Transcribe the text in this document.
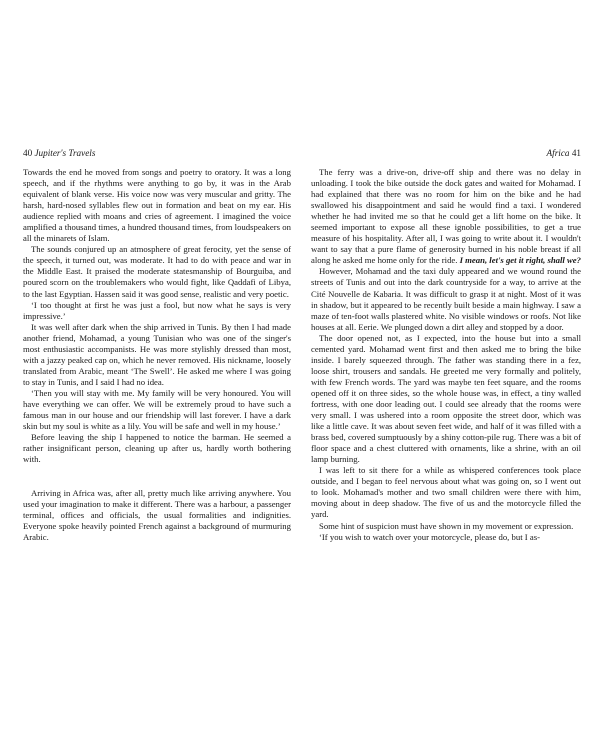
40 Jupiter's Travels

Towards the end he moved from songs and poetry to oratory. It was a long speech, and if the rhythms were anything to go by, it was in the Arab equivalent of blank verse. His voice now was very muscular and gritty. The harsh, hard-nosed syllables flew out in formation and beat on my ear. His audience replied with moans and cries of agreement. I imagined the voice amplified a thousand times, a hundred thousand times, from loudspeakers on all the minarets of Islam.

The sounds conjured up an atmosphere of great ferocity, yet the sense of the speech, it turned out, was moderate. It had to do with peace and war in the Middle East. It praised the moderate statesmanship of Bourguiba, and poured scorn on the troublemakers who would fight, like Qaddafi of Libya, to the last Egyptian. Hassen said it was good sense, realistic and very poetic.

‘I too thought at first he was just a fool, but now what he says is very impressive.’

It was well after dark when the ship arrived in Tunis. By then I had made another friend, Mohamad, a young Tunisian who was one of the singer's most enthusiastic accompanists. He was more stylishly dressed than most, with a jazzy peaked cap on, which he never removed. His nickname, loosely translated from Arabic, meant ‘The Swell’. He asked me where I was going to stay in Tunis, and I said I had no idea.

‘Then you will stay with me. My family will be very honoured. You will have everything we can offer. We will be extremely proud to have such a famous man in our house and our friendship will last forever. I have a dark skin but my soul is white as a lily. You will be safe and well in my house.’

Before leaving the ship I happened to notice the barman. He seemed a rather insignificant person, cleaning up after us, hardly worth bothering with.

Arriving in Africa was, after all, pretty much like arriving anywhere. You used your imagination to make it different. There was a harbour, a passenger terminal, offices and officials, the usual formalities and indignities. Everyone spoke heavily pointed French against a background of murmuring Arabic.

Africa 41

The ferry was a drive-on, drive-off ship and there was no delay in unloading. I took the bike outside the dock gates and waited for Mohamad. I had explained that there was no room for him on the bike and he had swallowed his disappointment and said he would find a taxi. I wondered whether he had invited me so that he could get a lift home on the bike. It seemed important to expose all these ignoble possibilities, to get a true measure of his hospitality. After all, I was going to write about it. I wouldn't want to say that a pure flame of generosity burned in his noble breast if all along he asked me home only for the ride. I mean, let's get it right, shall we?

However, Mohamad and the taxi duly appeared and we wound round the streets of Tunis and out into the dark countryside for a way, to arrive at the Cité Nouvelle de Kabaria. It was difficult to grasp it at night. Most of it was in shadow, but it appeared to be recently built beside a main highway. I saw a maze of ten-foot walls plastered white. No visible windows or roofs. Not like houses at all. Eerie. We plunged down a dirt alley and stopped by a door.

The door opened not, as I expected, into the house but into a small cemented yard. Mohamad went first and then asked me to bring the bike inside. I barely squeezed through. The father was standing there in a fez, loose shirt, trousers and sandals. He greeted me very formally and politely, with few French words. The yard was maybe ten feet square, and the rooms opened off it on three sides, so the whole house was, in effect, a tiny walled fortress, with one door leading out. I could see already that the rooms were very small. I was ushered into a room opposite the street door, which was like a little cave. It was about seven feet wide, and half of it was filled with a brass bed, covered sumptuously by a shiny cotton-pile rug. There was a bit of floor space and a chest cluttered with ornaments, like a shrine, with an oil lamp burning.

I was left to sit there for a while as whispered conferences took place outside, and I began to feel nervous about what was going on, so I went out to look. Mohamad's mother and two small children were there with him, moving about in deep shadow. The five of us and the motorcycle filled the yard.

Some hint of suspicion must have shown in my movement or expression.

‘If you wish to watch over your motorcycle, please do, but I as-
